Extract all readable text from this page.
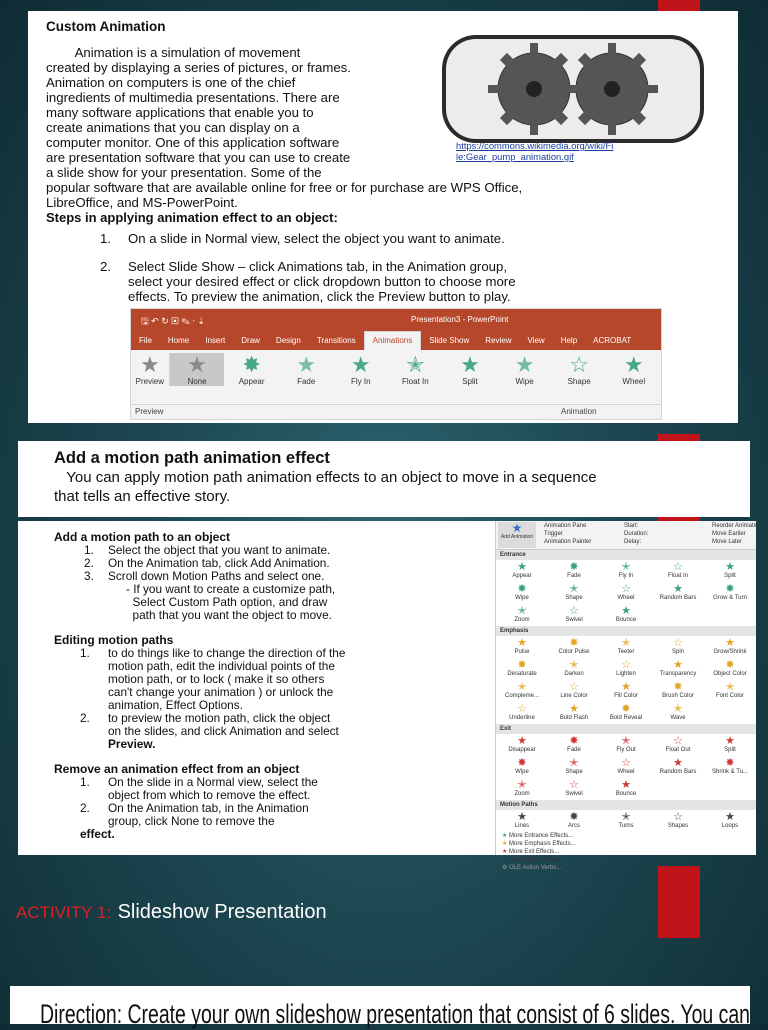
Custom Animation
Animation is a simulation of movement
created by displaying a series of pictures, or frames.
Animation on computers is one of the chief
ingredients of multimedia presentations. There are
many software applications that enable you to
create animations that you can display on a
computer monitor. One of this application software
are presentation software that you can use to create
a slide show for your presentation. Some of the
popular software that are available online for free or for purchase are WPS Office,
LibreOffice, and MS-PowerPoint.
https://commons.wikimedia.org/wiki/Fi
le:Gear_pump_animation.gif
Steps in applying animation effect to an object:
1.	On a slide in Normal view, select the object you want to animate.
2.	Select Slide Show – click Animations tab, in the Animation group,
select your desired effect or click dropdown button to choose more
effects. To preview the animation, click the Preview button to play.
🖫 ↶ ↻ ▣ ✎ ⋅ ⇣	Presentation3 - PowerPoint
File	Home	Insert	Draw	Design	Transitions	Animations	Slide Show	Review	View	Help	ACROBAT
★
Preview
★
None
✸
Appear
★
Fade
★
Fly In
✭
Float In
★
Split
★
Wipe
☆
Shape
★
Wheel
Preview	Animation
Add a motion path animation effect
You can apply motion path animation effects to an object to move in a sequence
that tells an effective story.
Add a motion path to an object
1.	Select the object that you want to animate.
2.	On the Animation tab, click Add Animation.
3.	Scroll down Motion Paths and select one.
- If you want to create a customize path,
Select Custom Path option, and draw
path that you want the object to move.
Editing motion paths
1.	to do things like to change the direction of the
motion path, edit the individual points of the
motion path, or to lock ( make it so others
can't change your animation ) or unlock the
animation, Effect Options.
2.	to preview the motion path, click the object
on the slides, and click Animation and select
Preview.
Remove an animation effect from an object
1.	On the slide in a Normal view, select the
object from which to remove the effect.
2.	On the Animation tab, in the Animation
group, click None to remove the
effect.
★
Add Animation
Animation Pane
Trigger
Animation Painter
Start:
Duration:
Delay:
Reorder Animation
Move Earlier
Move Later
Entrance
★
Appear
✸
Fade
✭
Fly In
☆
Float In
★
Split
✸
Wipe
✭
Shape
☆
Wheel
★
Random Bars
✸
Grow & Turn
✭
Zoom
☆
Swivel
★
Bounce
Emphasis
★
Pulse
✸
Color Pulse
✭
Teeter
☆
Spin
★
Grow/Shrink
✸
Desaturate
✭
Darken
☆
Lighten
★
Transparency
✸
Object Color
✭
Compleme...
☆
Line Color
★
Fill Color
✸
Brush Color
✭
Font Color
☆
Underline
★
Bold Flash
✸
Bold Reveal
✭
Wave
Exit
★
Disappear
✸
Fade
✭
Fly Out
☆
Float Out
★
Split
✸
Wipe
✭
Shape
☆
Wheel
★
Random Bars
✸
Shrink & Tu...
✭
Zoom
☆
Swivel
★
Bounce
Motion Paths
★
Lines
✸
Arcs
✭
Turns
☆
Shapes
★
Loops
★ More Entrance Effects...
★ More Emphasis Effects...
★ More Exit Effects...
☆ More Motion Paths...
⚙ OLE Action Verbs...
ACTIVITY 1: Slideshow Presentation
Direction: Create your own slideshow presentation that consist of 6 slides. You can
